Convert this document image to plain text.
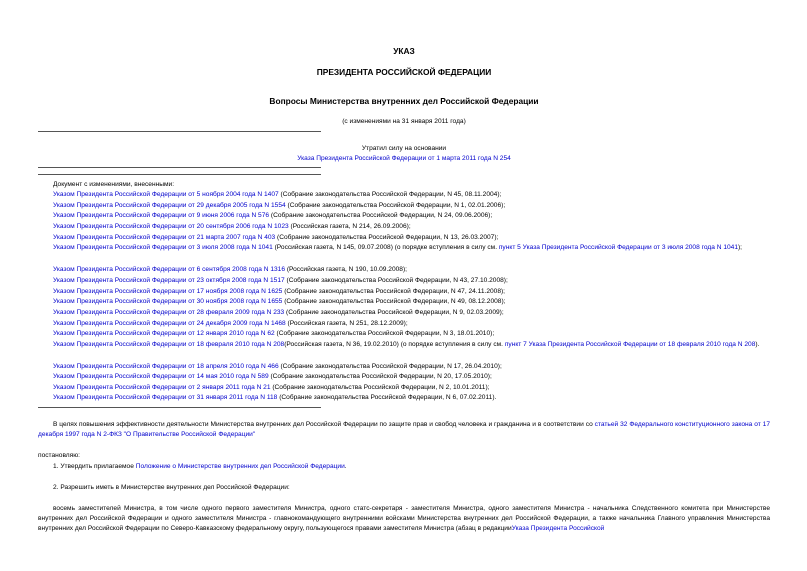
УКАЗ
ПРЕЗИДЕНТА РОССИЙСКОЙ ФЕДЕРАЦИИ
Вопросы Министерства внутренних дел Российской Федерации
(с изменениями на 31 января 2011 года)
Утратил силу на основании
Указа Президента Российской Федерации от 1 марта 2011 года N 254
Документ с изменениями, внесенными:
Указом Президента Российской Федерации от 5 ноября 2004 года N 1407 (Собрание законодательства Российской Федерации, N 45, 08.11.2004);
Указом Президента Российской Федерации от 29 декабря 2005 года N 1554 (Собрание законодательства Российской Федерации, N 1, 02.01.2006);
Указом Президента Российской Федерации от 9 июня 2006 года N 576 (Собрание законодательства Российской Федерации, N 24, 09.06.2006);
Указом Президента Российской Федерации от 20 сентября 2006 года N 1023 (Российская газета, N 214, 26.09.2006);
Указом Президента Российской Федерации от 21 марта 2007 года N 403 (Собрание законодательства Российской Федерации, N 13, 26.03.2007);
Указом Президента Российской Федерации от 3 июля 2008 года N 1041 (Российская газета, N 145, 09.07.2008) (о порядке вступления в силу см. пункт 5 Указа Президента Российской Федерации от 3 июля 2008 года N 1041);
Указом Президента Российской Федерации от 6 сентября 2008 года N 1316 (Российская газета, N 190, 10.09.2008);
Указом Президента Российской Федерации от 23 октября 2008 года N 1517 (Собрание законодательства Российской Федерации, N 43, 27.10.2008);
Указом Президента Российской Федерации от 17 ноября 2008 года N 1625 (Собрание законодательства Российской Федерации, N 47, 24.11.2008);
Указом Президента Российской Федерации от 30 ноября 2008 года N 1655 (Собрание законодательства Российской Федерации, N 49, 08.12.2008);
Указом Президента Российской Федерации от 28 февраля 2009 года N 233 (Собрание законодательства Российской Федерации, N 9, 02.03.2009);
Указом Президента Российской Федерации от 24 декабря 2009 года N 1468 (Российская газета, N 251, 28.12.2009);
Указом Президента Российской Федерации от 12 января 2010 года N 62 (Собрание законодательства Российской Федерации, N 3, 18.01.2010);
Указом Президента Российской Федерации от 18 февраля 2010 года N 208(Российская газета, N 36, 19.02.2010) (о порядке вступления в силу см. пункт 7 Указа Президента Российской Федерации от 18 февраля 2010 года N 208).
Указом Президента Российской Федерации от 18 апреля 2010 года N 466 (Собрание законодательства Российской Федерации, N 17, 26.04.2010);
Указом Президента Российской Федерации от 14 мая 2010 года N 589 (Собрание законодательства Российской Федерации, N 20, 17.05.2010);
Указом Президента Российской Федерации от 2 января 2011 года N 21 (Собрание законодательства Российской Федерации, N 2, 10.01.2011);
Указом Президента Российской Федерации от 31 января 2011 года N 118 (Собрание законодательства Российской Федерации, N 6, 07.02.2011).
В целях повышения эффективности деятельности Министерства внутренних дел Российской Федерации по защите прав и свобод человека и гражданина и в соответствии со статьей 32 Федерального конституционного закона от 17 декабря 1997 года N 2-ФКЗ "О Правительстве Российской Федерации"
постановляю:
1. Утвердить прилагаемое Положение о Министерстве внутренних дел Российской Федерации.
2. Разрешить иметь в Министерстве внутренних дел Российской Федерации:
восемь заместителей Министра, в том числе одного первого заместителя Министра, одного статс-секретаря - заместителя Министра, одного заместителя Министра - начальника Следственного комитета при Министерстве внутренних дел Российской Федерации и одного заместителя Министра - главнокомандующего внутренними войсками Министерства внутренних дел Российской Федерации, а также начальника Главного управления Министерства внутренних дел Российской Федерации по Северо-Кавказскому федеральному округу, пользующегося правами заместителя Министра (абзац в редакцииУказа Президента Российской
